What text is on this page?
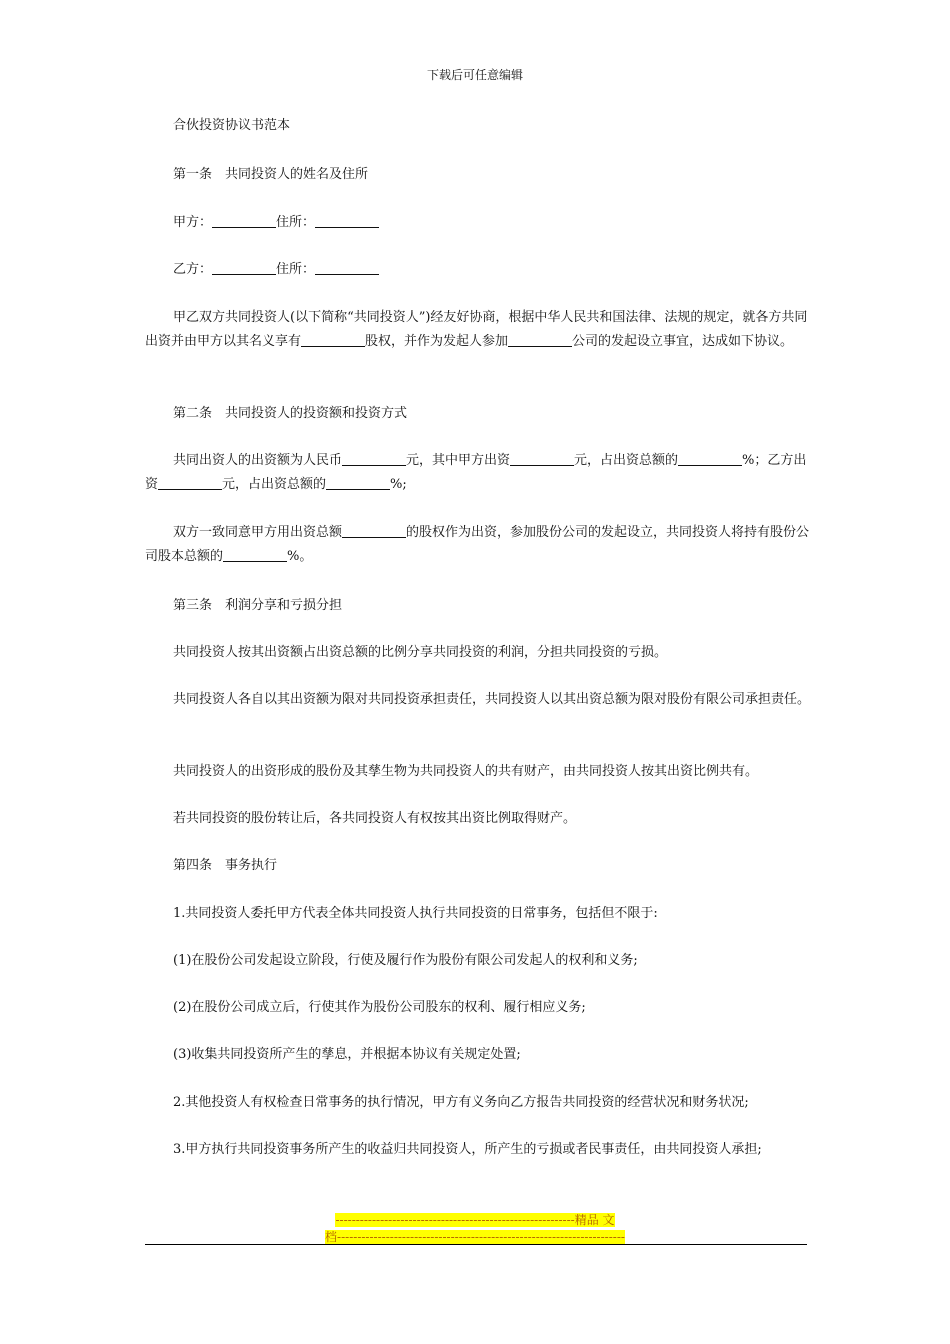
下载后可任意编辑

合伙投资协议书范本

第一条　共同投资人的姓名及住所

甲方：	住所：

乙方：	住所：

甲乙双方共同投资人(以下简称“共同投资人”)经友好协商，根据中华人民共和国法律、法规的规定，就各方共同出资并由甲方以其名义享有	股权，并作为发起人参加	公司的发起设立事宜，达成如下协议。

第二条　共同投资人的投资额和投资方式

共同出资人的出资额为人民币	元，其中甲方出资	元，占出资总额的	%；乙方出资	元，占出资总额的	%;

双方一致同意甲方用出资总额	的股权作为出资，参加股份公司的发起设立，共同投资人将持有股份公司股本总额的	%。

第三条　利润分享和亏损分担

共同投资人按其出资额占出资总额的比例分享共同投资的利润，分担共同投资的亏损。

共同投资人各自以其出资额为限对共同投资承担责任，共同投资人以其出资总额为限对股份有限公司承担责任。

共同投资人的出资形成的股份及其孳生物为共同投资人的共有财产，由共同投资人按其出资比例共有。

若共同投资的股份转让后，各共同投资人有权按其出资比例取得财产。

第四条　事务执行

1.共同投资人委托甲方代表全体共同投资人执行共同投资的日常事务，包括但不限于:

(1)在股份公司发起设立阶段，行使及履行作为股份有限公司发起人的权利和义务;

(2)在股份公司成立后，行使其作为股份公司股东的权利、履行相应义务;

(3)收集共同投资所产生的孳息，并根据本协议有关规定处置;

2.其他投资人有权检查日常事务的执行情况，甲方有义务向乙方报告共同投资的经营状况和财务状况;

3.甲方执行共同投资事务所产生的收益归共同投资人，所产生的亏损或者民事责任，由共同投资人承担;

-----------------------------------------------------------精品 文
档-----------------------------------------------------------------------
